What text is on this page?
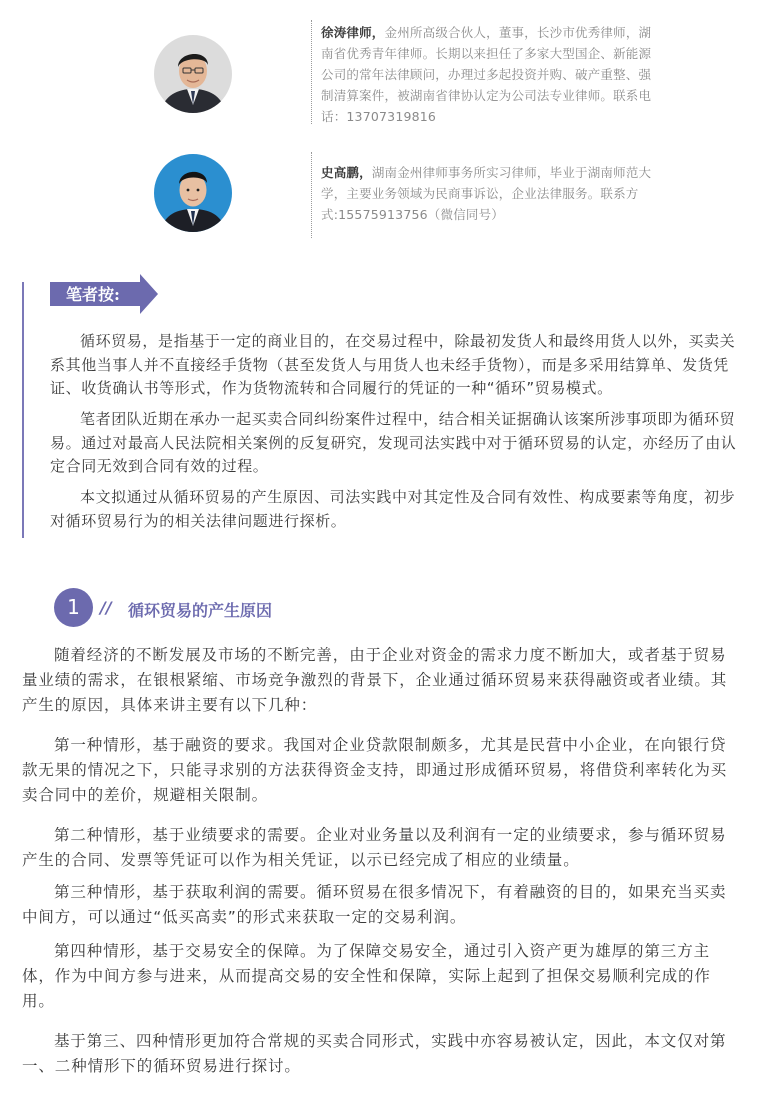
徐涛律师，金州所高级合伙人，董事，长沙市优秀律师，湖
南省优秀青年律师。长期以来担任了多家大型国企、新能源
公司的常年法律顾问，办理过多起投资并购、破产重整、强
制清算案件，被湖南省律协认定为公司法专业律师。联系电
话：13707319816
史高鹏，湖南金州律师事务所实习律师，毕业于湖南师范大
学，主要业务领域为民商事诉讼，企业法律服务。联系方
式:15575913756（微信同号）
笔者按:

循环贸易，是指基于一定的商业目的，在交易过程中，除最初发货人和最终用货人以外，买卖关系其他当事人并不直接经手货物（甚至发货人与用货人也未经手货物），而是多采用结算单、发货凭证、收货确认书等形式，作为货物流转和合同履行的凭证的一种“循环”贸易模式。

笔者团队近期在承办一起买卖合同纠纷案件过程中，结合相关证据确认该案所涉事项即为循环贸易。通过对最高人民法院相关案例的反复研究，发现司法实践中对于循环贸易的认定，亦经历了由认定合同无效到合同有效的过程。

本文拟通过从循环贸易的产生原因、司法实践中对其定性及合同有效性、构成要素等角度，初步对循环贸易行为的相关法律问题进行探析。

1	// 循环贸易的产生原因

随着经济的不断发展及市场的不断完善，由于企业对资金的需求力度不断加大，或者基于贸易量业绩的需求，在银根紧缩、市场竞争激烈的背景下，企业通过循环贸易来获得融资或者业绩。其产生的原因，具体来讲主要有以下几种：

第一种情形，基于融资的要求。我国对企业贷款限制颇多，尤其是民营中小企业，在向银行贷款无果的情况之下，只能寻求别的方法获得资金支持，即通过形成循环贸易，将借贷利率转化为买卖合同中的差价，规避相关限制。

第二种情形，基于业绩要求的需要。企业对业务量以及利润有一定的业绩要求，参与循环贸易产生的合同、发票等凭证可以作为相关凭证，以示已经完成了相应的业绩量。

第三种情形，基于获取利润的需要。循环贸易在很多情况下，有着融资的目的，如果充当买卖中间方，可以通过“低买高卖”的形式来获取一定的交易利润。

第四种情形，基于交易安全的保障。为了保障交易安全，通过引入资产更为雄厚的第三方主体，作为中间方参与进来，从而提高交易的安全性和保障，实际上起到了担保交易顺利完成的作用。

基于第三、四种情形更加符合常规的买卖合同形式，实践中亦容易被认定，因此，本文仅对第一、二种情形下的循环贸易进行探讨。
